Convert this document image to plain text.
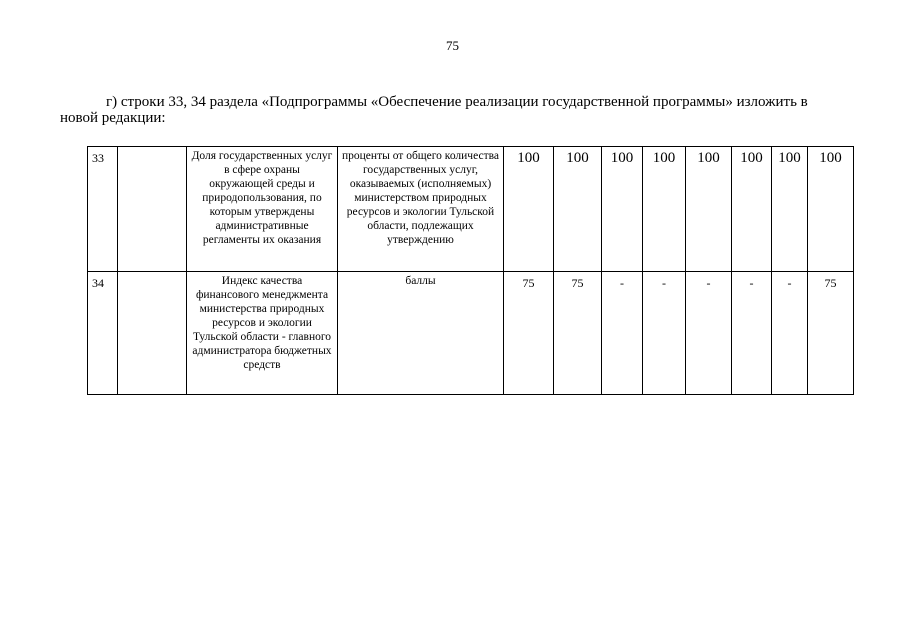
75
г) строки 33, 34 раздела «Подпрограммы «Обеспечение реализации государственной программы» изложить в новой редакции:
33		Доля государственных услуг в сфере охраны окружающей среды и природопользования, по которым утверждены административные регламенты их оказания	проценты от общего количества государственных услуг, оказываемых (исполняемых) министерством природных ресурсов и экологии Тульской области, подлежащих утверждению	100	100	100	100	100	100	100	100
34		Индекс качества финансового менеджмента министерства природных ресурсов и экологии Тульской области - главного администратора бюджетных средств	баллы	75	75	-	-	-	-	-	75
